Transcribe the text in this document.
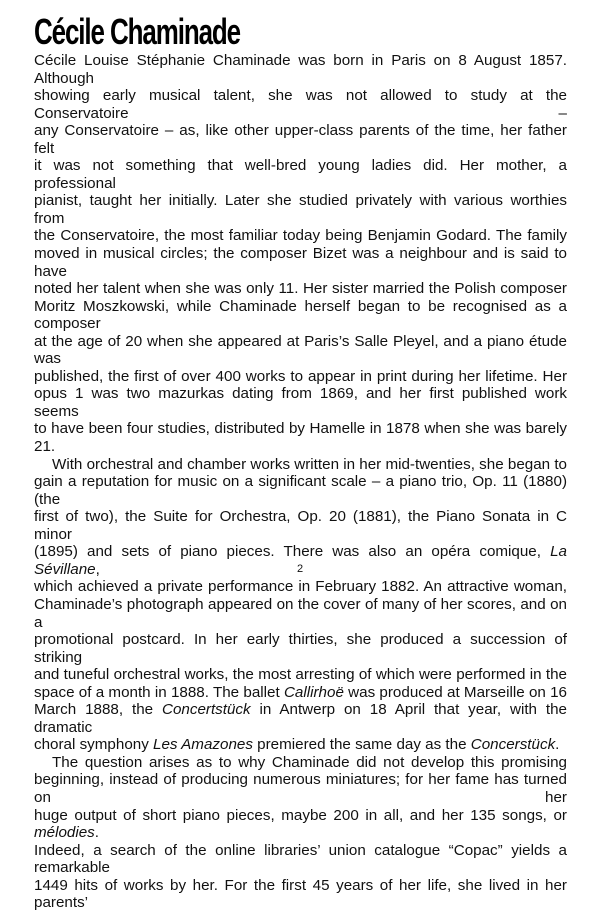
Cécile Chaminade
Cécile Louise Stéphanie Chaminade was born in Paris on 8 August 1857. Although
showing early musical talent, she was not allowed to study at the Conservatoire –
any Conservatoire – as, like other upper-class parents of the time, her father felt
it was not something that well-bred young ladies did. Her mother, a professional
pianist, taught her initially. Later she studied privately with various worthies from
the Conservatoire, the most familiar today being Benjamin Godard. The family
moved in musical circles; the composer Bizet was a neighbour and is said to have
noted her talent when she was only 11. Her sister married the Polish composer
Moritz Moszkowski, while Chaminade herself began to be recognised as a composer
at the age of 20 when she appeared at Paris’s Salle Pleyel, and a piano étude was
published, the first of over 400 works to appear in print during her lifetime. Her
opus 1 was two mazurkas dating from 1869, and her first published work seems
to have been four studies, distributed by Hamelle in 1878 when she was barely 21.
With orchestral and chamber works written in her mid-twenties, she began to
gain a reputation for music on a significant scale – a piano trio, Op. 11 (1880) (the
first of two), the Suite for Orchestra, Op. 20 (1881), the Piano Sonata in C minor
(1895) and sets of piano pieces. There was also an opéra comique, La Sévillane,
which achieved a private performance in February 1882. An attractive woman,
Chaminade’s photograph appeared on the cover of many of her scores, and on a
promotional postcard. In her early thirties, she produced a succession of striking
and tuneful orchestral works, the most arresting of which were performed in the
space of a month in 1888. The ballet Callirhoë was produced at Marseille on 16
March 1888, the Concertstück in Antwerp on 18 April that year, with the dramatic
choral symphony Les Amazones premiered the same day as the Concerstück.
The question arises as to why Chaminade did not develop this promising
beginning, instead of producing numerous miniatures; for her fame has turned on her
huge output of short piano pieces, maybe 200 in all, and her 135 songs, or mélodies.
Indeed, a search of the online libraries’ union catalogue “Copac” yields a remarkable
1449 hits of works by her. For the first 45 years of her life, she lived in her parents’
2
